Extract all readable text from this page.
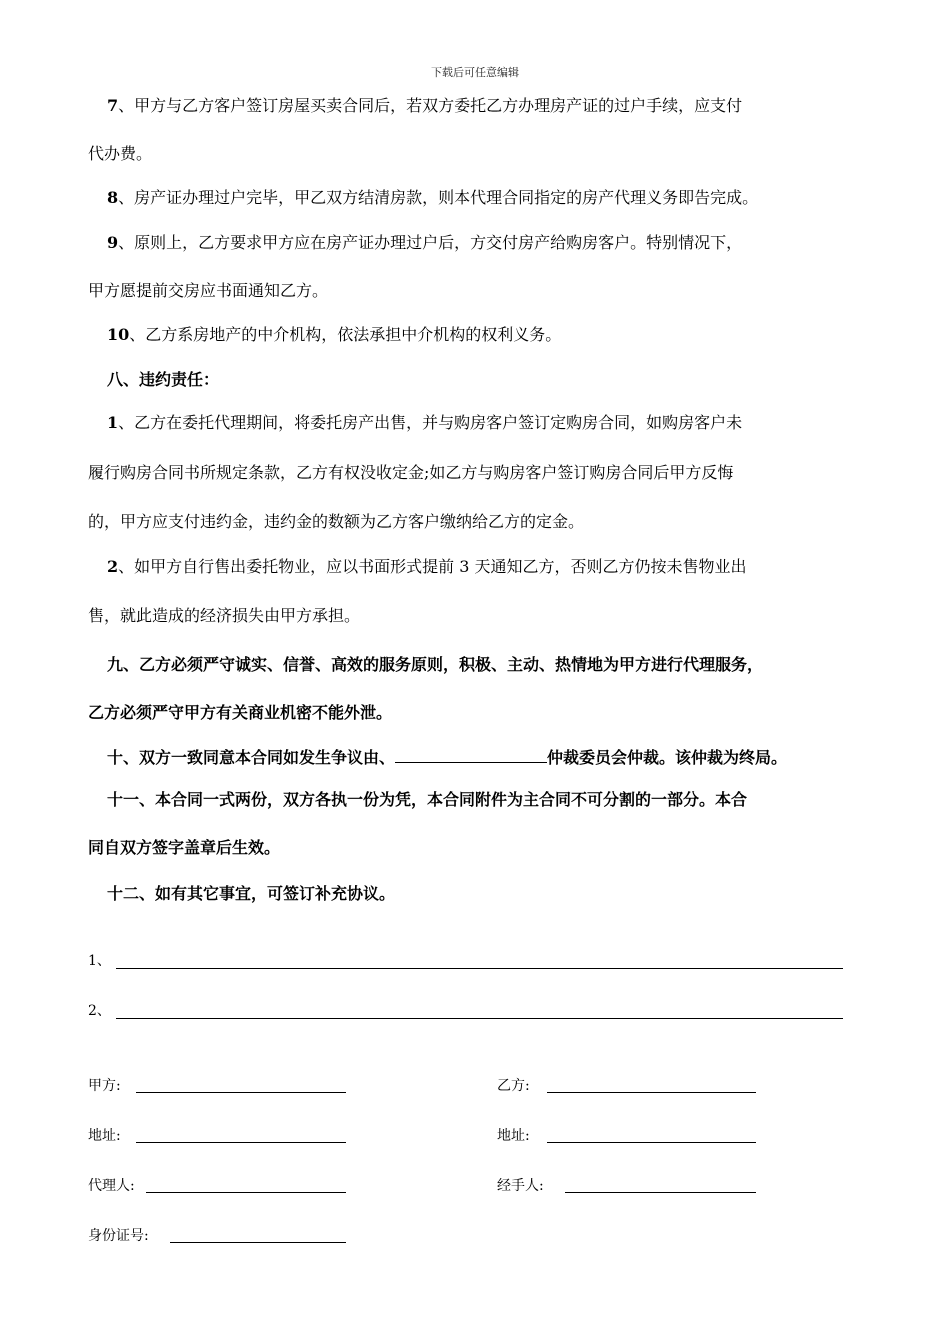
下载后可任意编辑
7、甲方与乙方客户签订房屋买卖合同后，若双方委托乙方办理房产证的过户手续，应支付
代办费。
8、房产证办理过户完毕，甲乙双方结清房款，则本代理合同指定的房产代理义务即告完成。
9、原则上，乙方要求甲方应在房产证办理过户后，方交付房产给购房客户。特别情况下，
甲方愿提前交房应书面通知乙方。
10、乙方系房地产的中介机构，依法承担中介机构的权利义务。
八、违约责任：
1、乙方在委托代理期间，将委托房产出售，并与购房客户签订定购房合同，如购房客户未
履行购房合同书所规定条款，乙方有权没收定金;如乙方与购房客户签订购房合同后甲方反悔
的，甲方应支付违约金，违约金的数额为乙方客户缴纳给乙方的定金。
2、如甲方自行售出委托物业，应以书面形式提前 3 天通知乙方，否则乙方仍按未售物业出
售，就此造成的经济损失由甲方承担。
九、乙方必须严守诚实、信誉、高效的服务原则，积极、主动、热情地为甲方进行代理服务，
乙方必须严守甲方有关商业机密不能外泄。
十、双方一致同意本合同如发生争议由、	仲裁委员会仲裁。该仲裁为终局。
十一、本合同一式两份，双方各执一份为凭，本合同附件为主合同不可分割的一部分。本合
同自双方签字盖章后生效。
十二、如有其它事宜，可签订补充协议。
1、
2、
甲方:	乙方:
地址:	地址:
代理人:	经手人:
身份证号:
